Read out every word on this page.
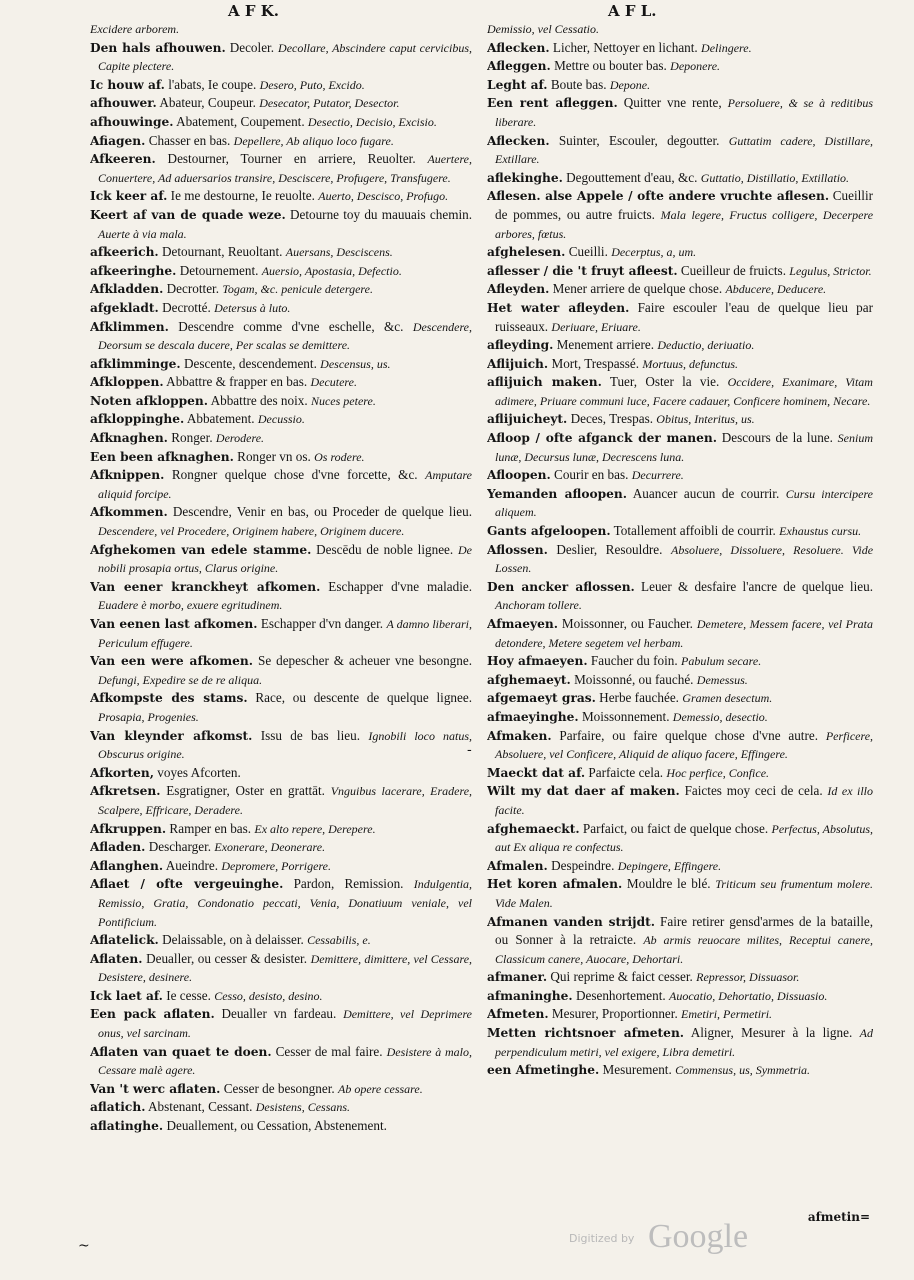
A F K.	A F L.

Excidere arborem.

Den hals afhouwen. Decoler. Decollare, Abscindere caput cervicibus, Capite plectere.

Ic houw af. l'abats, Ie coupe. Desero, Puto, Excido.

afhouwer. Abateur, Coupeur. Desecator, Putator, Desector.

afhouwinge. Abatement, Coupement. Desectio, Decisio, Excisio.

Afiagen. Chasser en bas. Depellere, Ab aliquo loco fugare.

Afkeeren. Destourner, Tourner en arriere, Reuolter. Auertere, Conuertere, Ad aduersarios transire, Desciscere, Profugere, Transfugere.

Ick keer af. Ie me destourne, Ie reuolte. Auerto, Descisco, Profugo.

Keert af van de quade weze. Detourne toy du mauuais chemin. Auerte à via mala.

afkeerich. Detournant, Reuoltant. Auersans, Desciscens.

afkeeringhe. Detournement. Auersio, Apostasia, Defectio.

Afkladden. Decrotter. Togam, &c. penicule detergere.

afgekladt. Decrotté. Detersus à luto.

Afklimmen. Descendre comme d'vne eschelle, &c. Descendere, Deorsum se descala ducere, Per scalas se demittere.

afklimminge. Descente, descendement. Descensus, us.

Afkloppen. Abbattre & frapper en bas. Decutere.

Noten afkloppen. Abbattre des noix. Nuces petere.

afkloppinghe. Abbatement. Decussio.

Afknaghen. Ronger. Derodere.

Een been afknaghen. Ronger vn os. Os rodere.

Afknippen. Rongner quelque chose d'vne forcette, &c. Amputare aliquid forcipe.

Afkommen. Descendre, Venir en bas, ou Proceder de quelque lieu. Descendere, vel Procedere, Originem habere, Originem ducere.

Afghekomen van edele stamme. Descēdu de noble lignee. De nobili prosapia ortus, Clarus origine.

Van eener kranckheyt afkomen. Eschapper d'vne maladie. Euadere è morbo, exuere egritudinem.

Van eenen last afkomen. Eschapper d'vn danger. A damno liberari, Periculum effugere.

Van een were afkomen. Se depescher & acheuer vne besongne. Defungi, Expedire se de re aliqua.

Afkompste des stams. Race, ou descente de quelque lignee. Prosapia, Progenies.

Van kleynder afkomst. Issu de bas lieu. Ignobili loco natus, Obscurus origine.

Afkorten, voyes Afcorten.

Afkretsen. Esgratigner, Oster en grattāt. Vnguibus lacerare, Eradere, Scalpere, Effricare, Deradere.

Afkruppen. Ramper en bas. Ex alto repere, Derepere.

Afladen. Descharger. Exonerare, Deonerare.

Aflanghen. Aueindre. Depromere, Porrigere.

Aflaet / ofte vergeuinghe. Pardon, Remission. Indulgentia, Remissio, Gratia, Condonatio peccati, Venia, Donatiuum veniale, vel Pontificium.

Aflatelick. Delaissable, on à delaisser. Cessabilis, e.

Aflaten. Deualler, ou cesser & desister. Demittere, dimittere, vel Cessare, Desistere, desinere.

Ick laet af. Ie cesse. Cesso, desisto, desino.

Een pack aflaten. Deualler vn fardeau. Demittere, vel Deprimere onus, vel sarcinam.

Aflaten van quaet te doen. Cesser de mal faire. Desistere à malo, Cessare malè agere.

Van 't werc aflaten. Cesser de besongner. Ab opere cessare.

aflatich. Abstenant, Cessant. Desistens, Cessans.

aflatinghe. Deuallement, ou Cessation, Abstenement.

Demissio, vel Cessatio.

Aflecken. Licher, Nettoyer en lichant. Delingere.

Afleggen. Mettre ou bouter bas. Deponere.

Leght af. Boute bas. Depone.

Een rent afleggen. Quitter vne rente, Persoluere, & se à reditibus liberare.

Aflecken. Suinter, Escouler, degoutter. Guttatim cadere, Distillare, Extillare.

aflekinghe. Degouttement d'eau, &c. Guttatio, Distillatio, Extillatio.

Aflesen. alse Appele / ofte andere vruchte aflesen. Cueillir de pommes, ou autre fruicts. Mala legere, Fructus colligere, Decerpere arbores, fœtus.

afghelesen. Cueilli. Decerptus, a, um.

aflesser / die 't fruyt afleest. Cueilleur de fruicts. Legulus, Strictor.

Afleyden. Mener arriere de quelque chose. Abducere, Deducere.

Het water afleyden. Faire escouler l'eau de quelque lieu par ruisseaux. Deriuare, Eriuare.

afleyding. Menement arriere. Deductio, deriuatio.

Aflijuich. Mort, Trespassé. Mortuus, defunctus.

aflijuich maken. Tuer, Oster la vie. Occidere, Exanimare, Vitam adimere, Priuare communi luce, Facere cadauer, Conficere hominem, Necare.

aflijuicheyt. Deces, Trespas. Obitus, Interitus, us.

Afloop / ofte afganck der manen. Descours de la lune. Senium lunæ, Decursus lunæ, Decrescens luna.

Afloopen. Courir en bas. Decurrere.

Yemanden afloopen. Auancer aucun de courrir. Cursu intercipere aliquem.

Gants afgeloopen. Totallement affoibli de courrir. Exhaustus cursu.

Aflossen. Deslier, Resouldre. Absoluere, Dissoluere, Resoluere. Vide Lossen.

Den ancker aflossen. Leuer & desfaire l'ancre de quelque lieu. Anchoram tollere.

Afmaeyen. Moissonner, ou Faucher. Demetere, Messem facere, vel Prata detondere, Metere segetem vel herbam.

Hoy afmaeyen. Faucher du foin. Pabulum secare.

afghemaeyt. Moissonné, ou fauché. Demessus.

afgemaeyt gras. Herbe fauchée. Gramen desectum.

afmaeyinghe. Moissonnement. Demessio, desectio.

Afmaken. Parfaire, ou faire quelque chose d'vne autre. Perficere, Absoluere, vel Conficere, Aliquid de aliquo facere, Effingere.

Maeckt dat af. Parfaicte cela. Hoc perfice, Confice.

Wilt my dat daer af maken. Faictes moy ceci de cela. Id ex illo facite.

afghemaeckt. Parfaict, ou faict de quelque chose. Perfectus, Absolutus, aut Ex aliqua re confectus.

Afmalen. Despeindre. Depingere, Effingere.

Het koren afmalen. Mouldre le blé. Triticum seu frumentum molere. Vide Malen.

Afmanen vanden strijdt. Faire retirer gensd'armes de la bataille, ou Sonner à la retraicte. Ab armis reuocare milites, Receptui canere, Classicum canere, Auocare, Dehortari.

afmaner. Qui reprime & faict cesser. Repressor, Dissuasor.

afmaninghe. Desenhortement. Auocatio, Dehortatio, Dissuasio.

Afmeten. Mesurer, Proportionner. Emetiri, Permetiri.

Metten richtsnoer afmeten. Aligner, Mesurer à la ligne. Ad perpendiculum metiri, vel exigere, Libra demetiri.

een Afmetinghe. Mesurement. Commensus, us, Symmetria.

-
~
afmetin=
Digitized by Google
